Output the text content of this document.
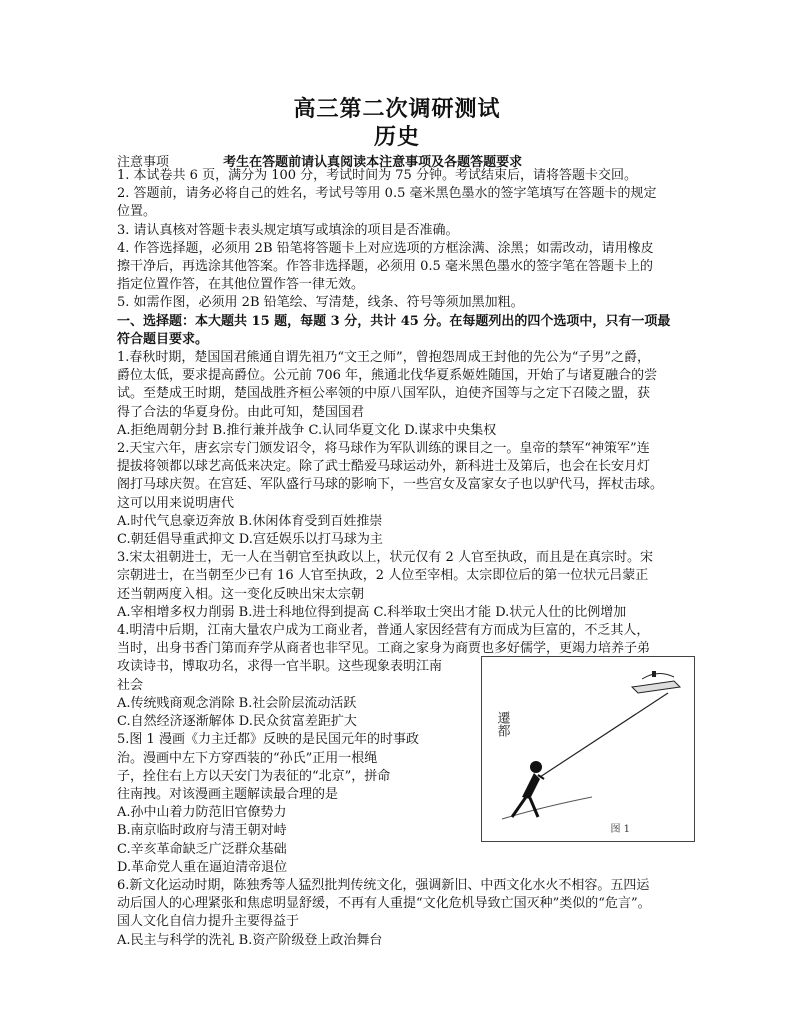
高三第二次调研测试
历史
注意事项	考生在答题前请认真阅读本注意事项及各题答题要求
1. 本试卷共 6 页，满分为 100 分，考试时间为 75 分钟。考试结束后，请将答题卡交回。
2. 答题前，请务必将自己的姓名，考试号等用 0.5 毫米黑色墨水的签字笔填写在答题卡的规定
位置。
3. 请认真核对答题卡表头规定填写或填涂的项目是否准确。
4. 作答选择题，必须用 2B 铅笔将答题卡上对应选项的方框涂满、涂黑；如需改动，请用橡皮
擦干净后，再选涂其他答案。作答非选择题，必须用 0.5 毫米黑色墨水的签字笔在答题卡上的
指定位置作答，在其他位置作答一律无效。
5. 如需作图，必须用 2B 铅笔绘、写清楚，线条、符号等须加黑加粗。
一、选择题：本大题共 15 题，每题 3 分，共计 45 分。在每题列出的四个选项中，只有一项最
符合题目要求。
1.春秋时期，楚国国君熊通自谓先祖乃“文王之师”，曾抱怨周成王封他的先公为“子男”之爵，
爵位太低，要求提高爵位。公元前 706 年，熊通北伐华夏系姬姓随国，开始了与诸夏融合的尝
试。至楚成王时期，楚国战胜齐桓公率领的中原八国军队，迫使齐国等与之定下召陵之盟，获
得了合法的华夏身份。由此可知，楚国国君
A.拒绝周朝分封 B.推行兼并战争 C.认同华夏文化 D.谋求中央集权
2.天宝六年，唐玄宗专门颁发诏令，将马球作为军队训练的课目之一。皇帝的禁军“神策军”连
提拔将领都以球艺高低来决定。除了武士酷爱马球运动外，新科进士及第后，也会在长安月灯
阁打马球庆贺。在宫廷、军队盛行马球的影响下，一些宫女及富家女子也以驴代马，挥杖击球。
这可以用来说明唐代
A.时代气息豪迈奔放 B.休闲体育受到百姓推崇
C.朝廷倡导重武抑文 D.宫廷娱乐以打马球为主
3.宋太祖朝进士，无一人在当朝官至执政以上，状元仅有 2 人官至执政，而且是在真宗时。宋
宗朝进士，在当朝至少已有 16 人官至执政，2 人位至宰相。太宗即位后的第一位状元吕蒙正
还当朝两度入相。这一变化反映出宋太宗朝
A.宰相增多权力削弱 B.进士科地位得到提高 C.科举取士突出才能 D.状元人仕的比例增加
4.明清中后期，江南大量农户成为工商业者，普通人家因经营有方而成为巨富的，不乏其人，
当时，出身书香门第而弃学从商者也非罕见。工商之家身为商贾也多好儒学，更竭力培养子弟
攻读诗书，博取功名，求得一官半职。这些现象表明江南
社会
A.传统贱商观念消除 B.社会阶层流动活跃
C.自然经济逐渐解体 D.民众贫富差距扩大
5.图 1 漫画《力主迁都》反映的是民国元年的时事政
治。漫画中左下方穿西装的“孙氏”正用一根绳
子，拴住右上方以天安门为表征的“北京”，拼命
往南拽。对该漫画主题解读最合理的是
A.孙中山着力防范旧官僚势力
B.南京临时政府与清王朝对峙
C.辛亥革命缺乏广泛群众基础
D.革命党人重在逼迫清帝退位
6.新文化运动时期，陈独秀等人猛烈批判传统文化，强调新旧、中西文化水火不相容。五四运
动后国人的心理紧张和焦虑明显舒缓，不再有人重提“文化危机导致亡国灭种”类似的“危言”。
国人文化自信力提升主要得益于
A.民主与科学的洗礼 B.资产阶级登上政治舞台
遷都
图 1
